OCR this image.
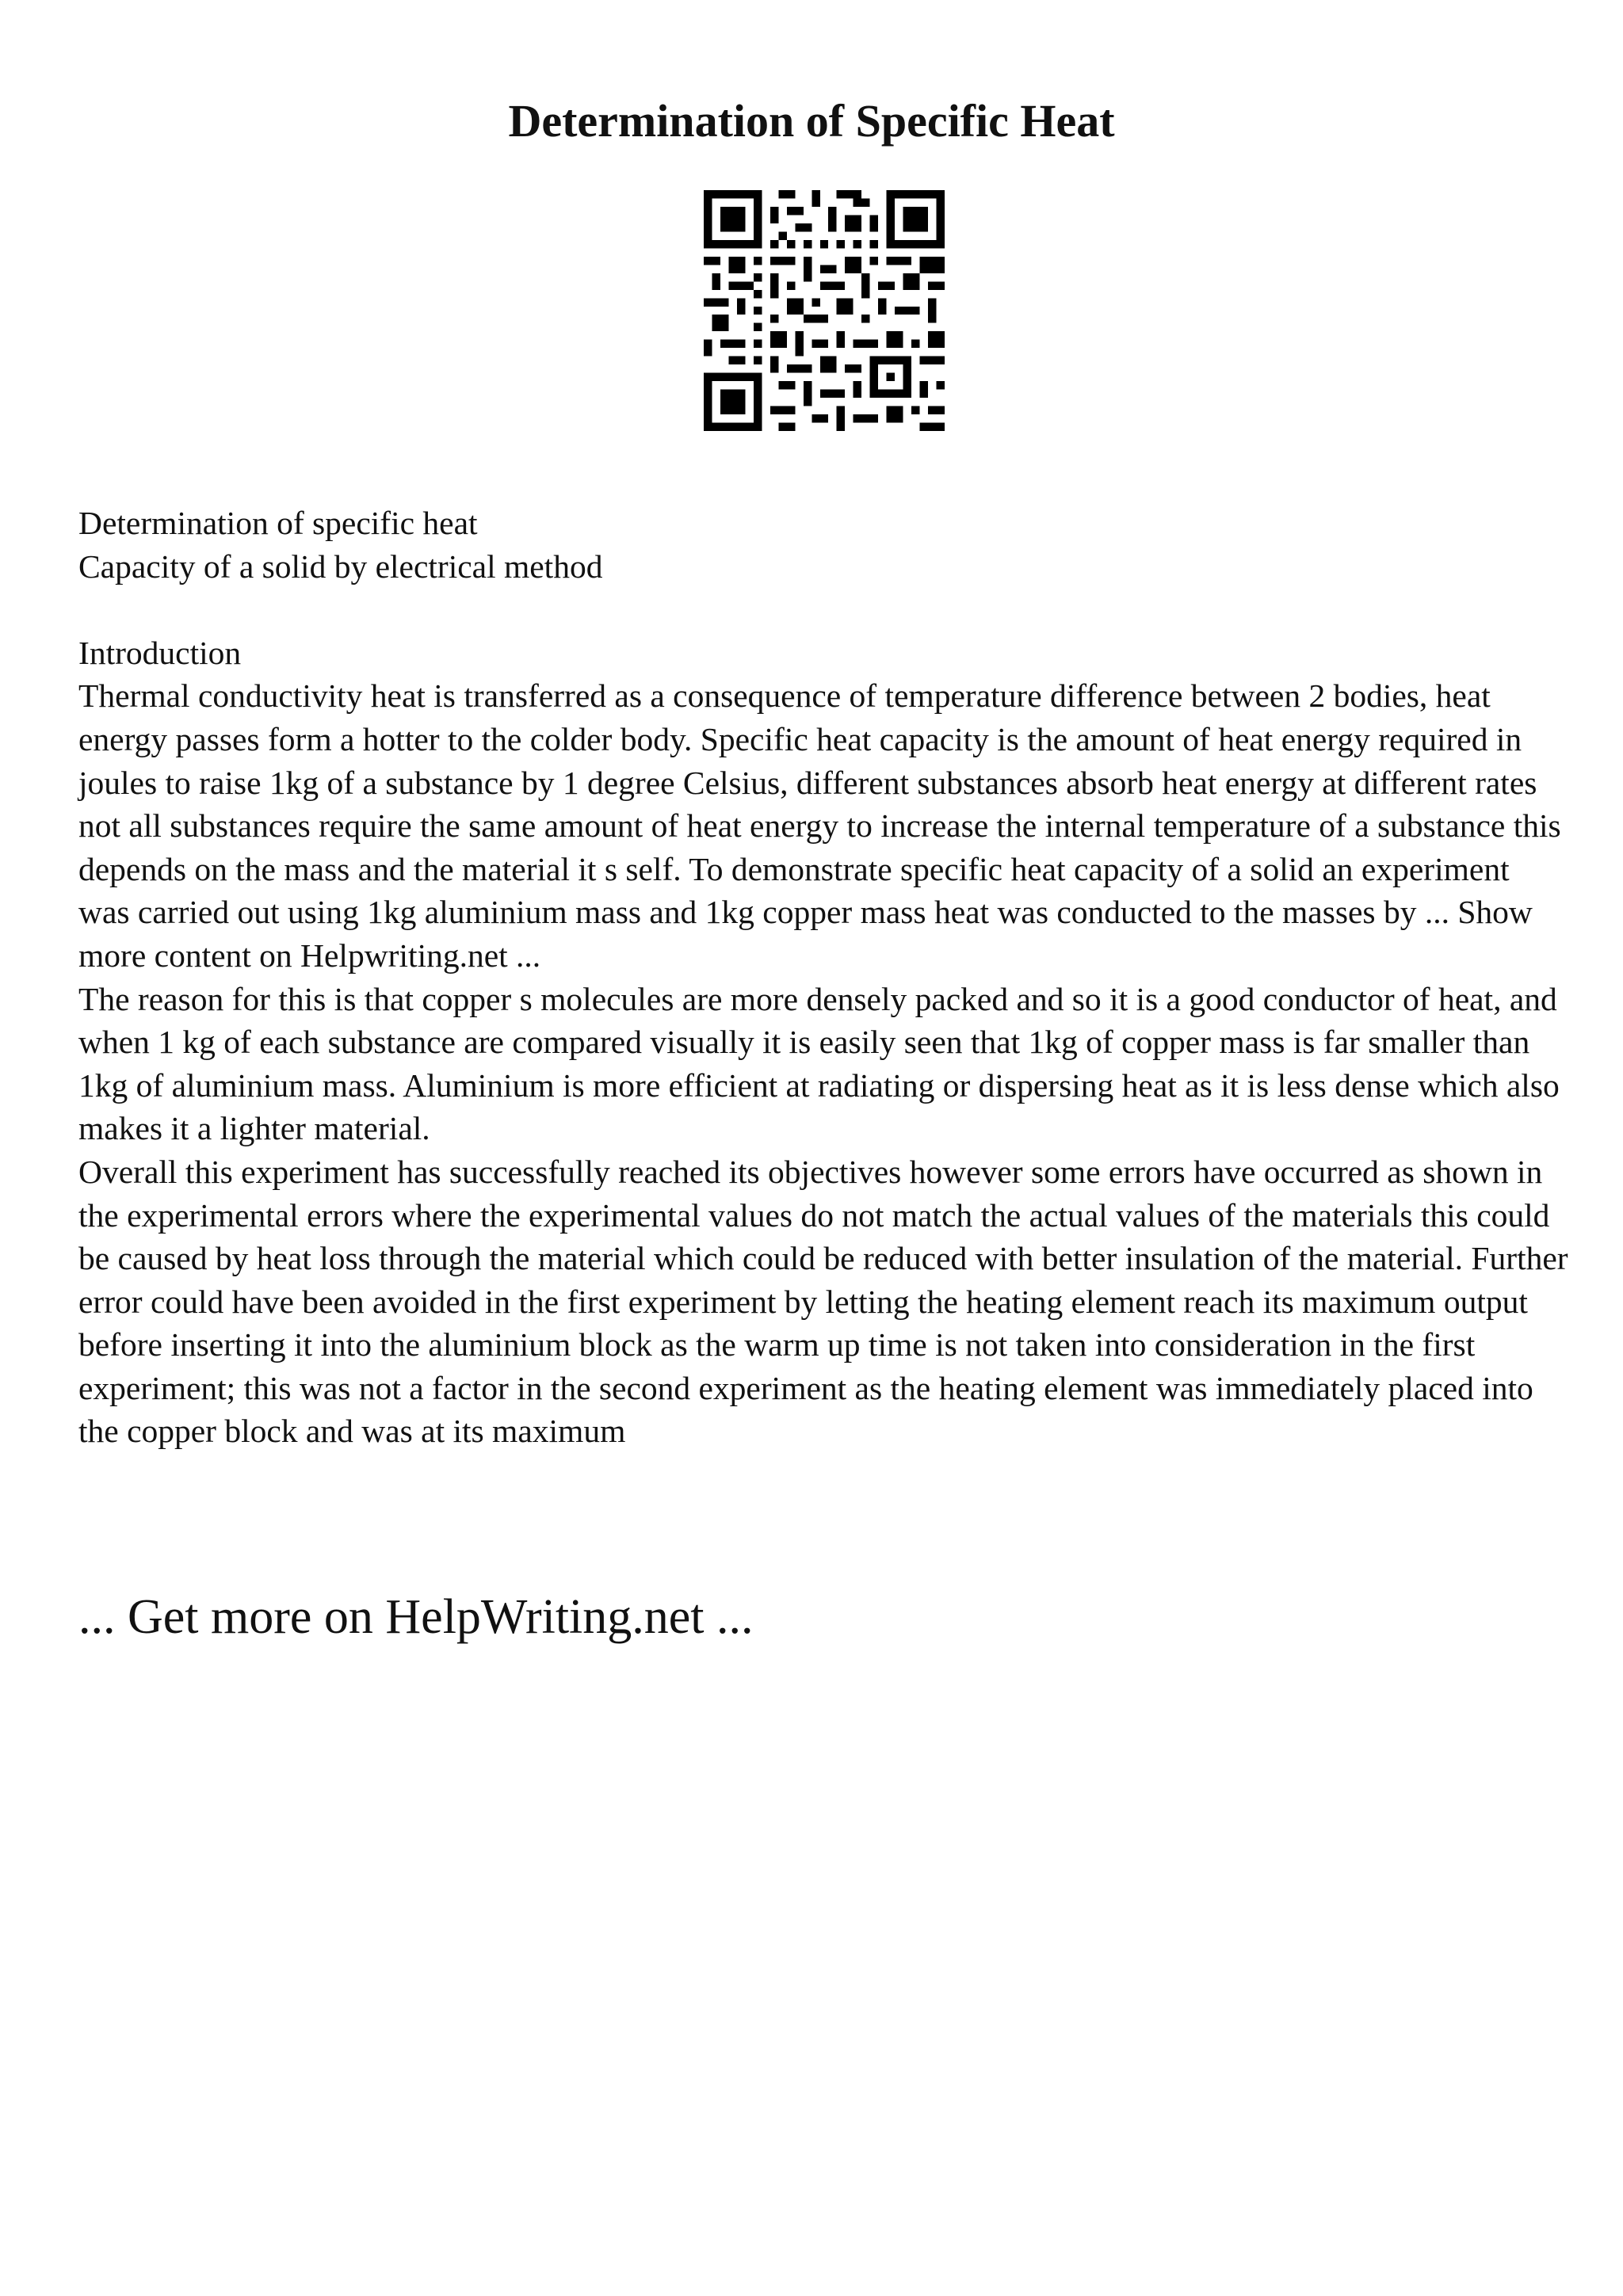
Determination of Specific Heat

Determination of specific heat

Capacity of a solid by electrical method

Introduction

Thermal conductivity heat is transferred as a consequence of temperature difference between 2 bodies, heat energy passes form a hotter to the colder body. Specific heat capacity is the amount of heat energy required in joules to raise 1kg of a substance by 1 degree Celsius, different substances absorb heat energy at different rates not all substances require the same amount of heat energy to increase the internal temperature of a substance this depends on the mass and the material it s self. To demonstrate specific heat capacity of a solid an experiment was carried out using 1kg aluminium mass and 1kg copper mass heat was conducted to the masses by ... Show more content on Helpwriting.net ...

The reason for this is that copper s molecules are more densely packed and so it is a good conductor of heat, and when 1 kg of each substance are compared visually it is easily seen that 1kg of copper mass is far smaller than 1kg of aluminium mass. Aluminium is more efficient at radiating or dispersing heat as it is less dense which also makes it a lighter material.

Overall this experiment has successfully reached its objectives however some errors have occurred as shown in the experimental errors where the experimental values do not match the actual values of the materials this could be caused by heat loss through the material which could be reduced with better insulation of the material. Further error could have been avoided in the first experiment by letting the heating element reach its maximum output before inserting it into the aluminium block as the warm up time is not taken into consideration in the first experiment; this was not a factor in the second experiment as the heating element was immediately placed into the copper block and was at its maximum

... Get more on HelpWriting.net ...
